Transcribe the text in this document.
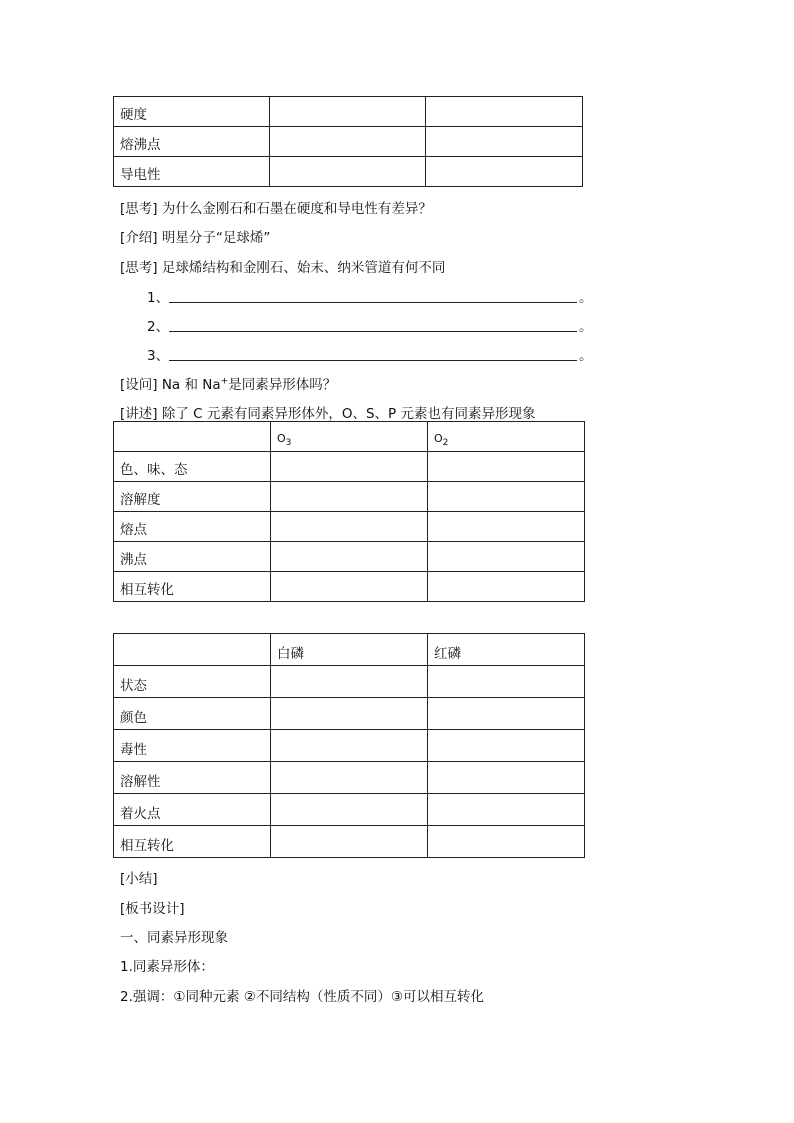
硬度		
熔沸点		
导电性		
[思考] 为什么金刚石和石墨在硬度和导电性有差异？
[介绍] 明星分子“足球烯”
[思考] 足球烯结构和金刚石、始末、纳米管道有何不同
1、	。
2、	。
3、	。
[设问] Na 和 Na+是同素异形体吗？
[讲述] 除了 C 元素有同素异形体外，O、S、P 元素也有同素异形现象
	$O_3$	$O_2$
色、味、态		
溶解度		
熔点		
沸点		
相互转化		
	白磷	红磷
状态		
颜色		
毒性		
溶解性		
着火点		
相互转化		
[小结]
[板书设计]
一、同素异形现象
1.同素异形体：
2.强调：①同种元素 ②不同结构（性质不同）③可以相互转化
